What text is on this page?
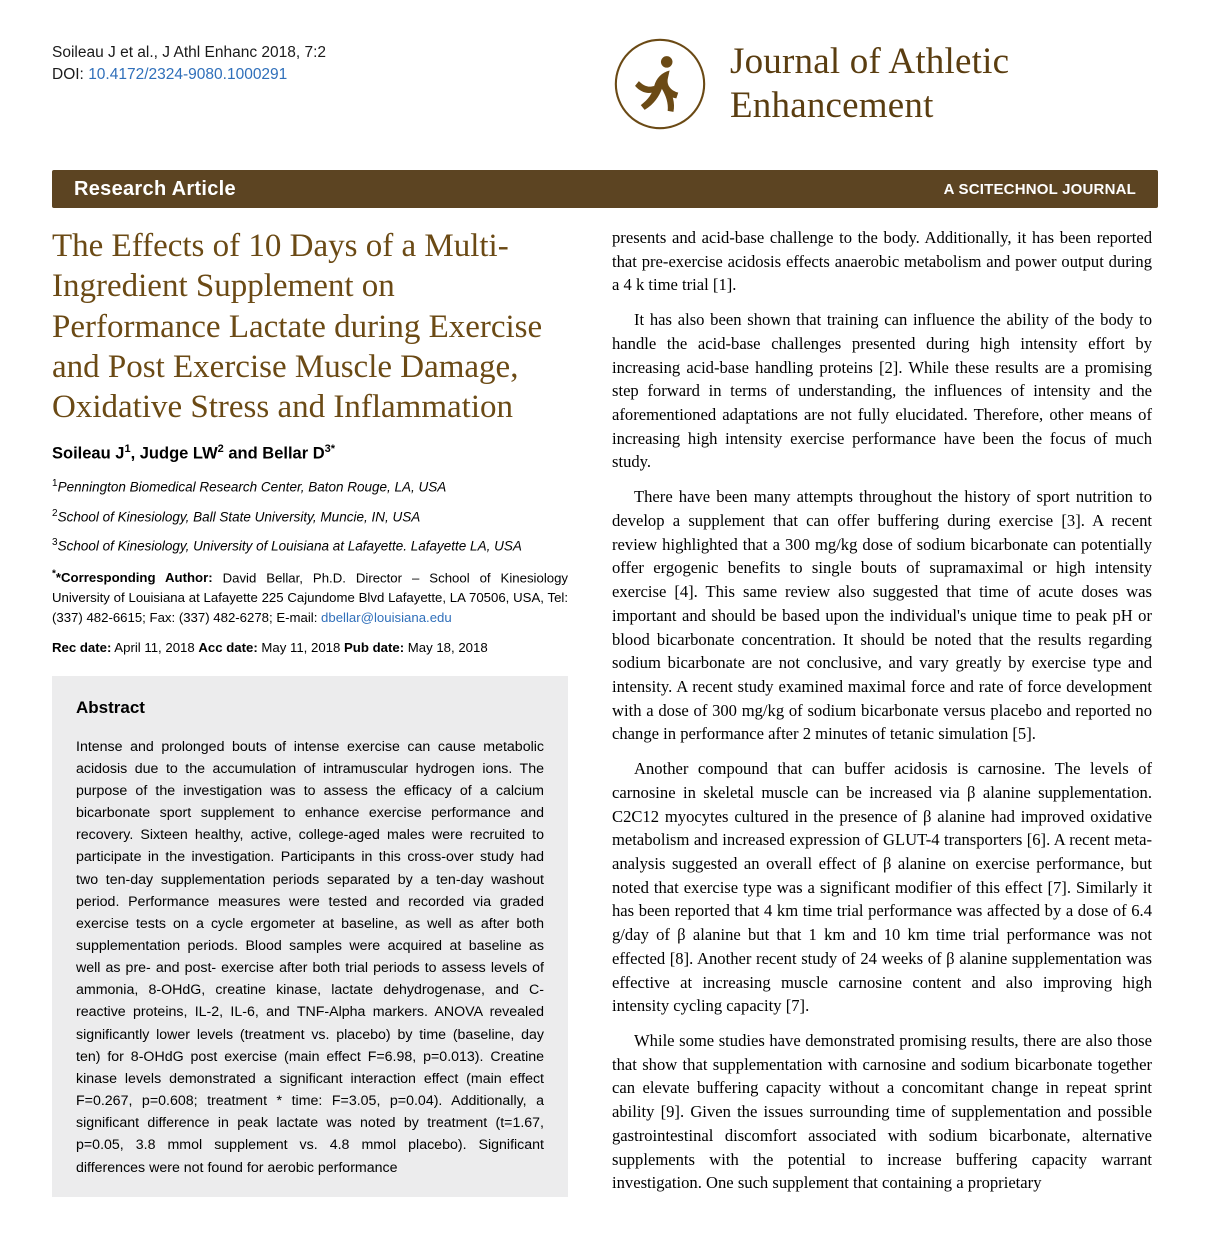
Soileau J et al., J Athl Enhanc 2018, 7:2
DOI: 10.4172/2324-9080.1000291	Journal of Athletic
Enhancement
Research Article	A SCITECHNOL JOURNAL
The Effects of 10 Days of a Multi-Ingredient Supplement on Performance Lactate during Exercise and Post Exercise Muscle Damage, Oxidative Stress and Inflammation
Soileau $J^1$, Judge $LW^2$ and Bellar $D^{3*}$
$^1$Pennington Biomedical Research Center, Baton Rouge, LA, USA
$^2$School of Kinesiology, Ball State University, Muncie, IN, USA
$^3$School of Kinesiology, University of Louisiana at Lafayette. Lafayette LA, USA

**Corresponding Author: David Bellar, Ph.D. Director – School of Kinesiology University of Louisiana at Lafayette 225 Cajundome Blvd Lafayette, LA 70506, USA, Tel: (337) 482-6615; Fax: (337) 482-6278; E-mail: dbellar@louisiana.edu

Rec date: April 11, 2018 Acc date: May 11, 2018 Pub date: May 18, 2018

Abstract

Intense and prolonged bouts of intense exercise can cause metabolic acidosis due to the accumulation of intramuscular hydrogen ions. The purpose of the investigation was to assess the efficacy of a calcium bicarbonate sport supplement to enhance exercise performance and recovery. Sixteen healthy, active, college-aged males were recruited to participate in the investigation. Participants in this cross-over study had two ten-day supplementation periods separated by a ten-day washout period. Performance measures were tested and recorded via graded exercise tests on a cycle ergometer at baseline, as well as after both supplementation periods. Blood samples were acquired at baseline as well as pre- and post- exercise after both trial periods to assess levels of ammonia, 8-OHdG, creatine kinase, lactate dehydrogenase, and C-reactive proteins, IL-2, IL-6, and TNF-Alpha markers. ANOVA revealed significantly lower levels (treatment vs. placebo) by time (baseline, day ten) for 8-OHdG post exercise (main effect F=6.98, p=0.013). Creatine kinase levels demonstrated a significant interaction effect (main effect F=0.267, p=0.608; treatment * time: F=3.05, p=0.04). Additionally, a significant difference in peak lactate was noted by treatment (t=1.67, p=0.05, 3.8 mmol supplement vs. 4.8 mmol placebo). Significant differences were not found for aerobic performance

presents and acid-base challenge to the body. Additionally, it has been reported that pre-exercise acidosis effects anaerobic metabolism and power output during a 4 k time trial [1].

It has also been shown that training can influence the ability of the body to handle the acid-base challenges presented during high intensity effort by increasing acid-base handling proteins [2]. While these results are a promising step forward in terms of understanding, the influences of intensity and the aforementioned adaptations are not fully elucidated. Therefore, other means of increasing high intensity exercise performance have been the focus of much study.

There have been many attempts throughout the history of sport nutrition to develop a supplement that can offer buffering during exercise [3]. A recent review highlighted that a 300 mg/kg dose of sodium bicarbonate can potentially offer ergogenic benefits to single bouts of supramaximal or high intensity exercise [4]. This same review also suggested that time of acute doses was important and should be based upon the individual's unique time to peak pH or blood bicarbonate concentration. It should be noted that the results regarding sodium bicarbonate are not conclusive, and vary greatly by exercise type and intensity. A recent study examined maximal force and rate of force development with a dose of 300 mg/kg of sodium bicarbonate versus placebo and reported no change in performance after 2 minutes of tetanic simulation [5].

Another compound that can buffer acidosis is carnosine. The levels of carnosine in skeletal muscle can be increased via β alanine supplementation. C2C12 myocytes cultured in the presence of β alanine had improved oxidative metabolism and increased expression of GLUT-4 transporters [6]. A recent meta-analysis suggested an overall effect of β alanine on exercise performance, but noted that exercise type was a significant modifier of this effect [7]. Similarly it has been reported that 4 km time trial performance was affected by a dose of 6.4 g/day of β alanine but that 1 km and 10 km time trial performance was not effected [8]. Another recent study of 24 weeks of β alanine supplementation was effective at increasing muscle carnosine content and also improving high intensity cycling capacity [7].

While some studies have demonstrated promising results, there are also those that show that supplementation with carnosine and sodium bicarbonate together can elevate buffering capacity without a concomitant change in repeat sprint ability [9]. Given the issues surrounding time of supplementation and possible gastrointestinal discomfort associated with sodium bicarbonate, alternative supplements with the potential to increase buffering capacity warrant investigation. One such supplement that containing a proprietary
